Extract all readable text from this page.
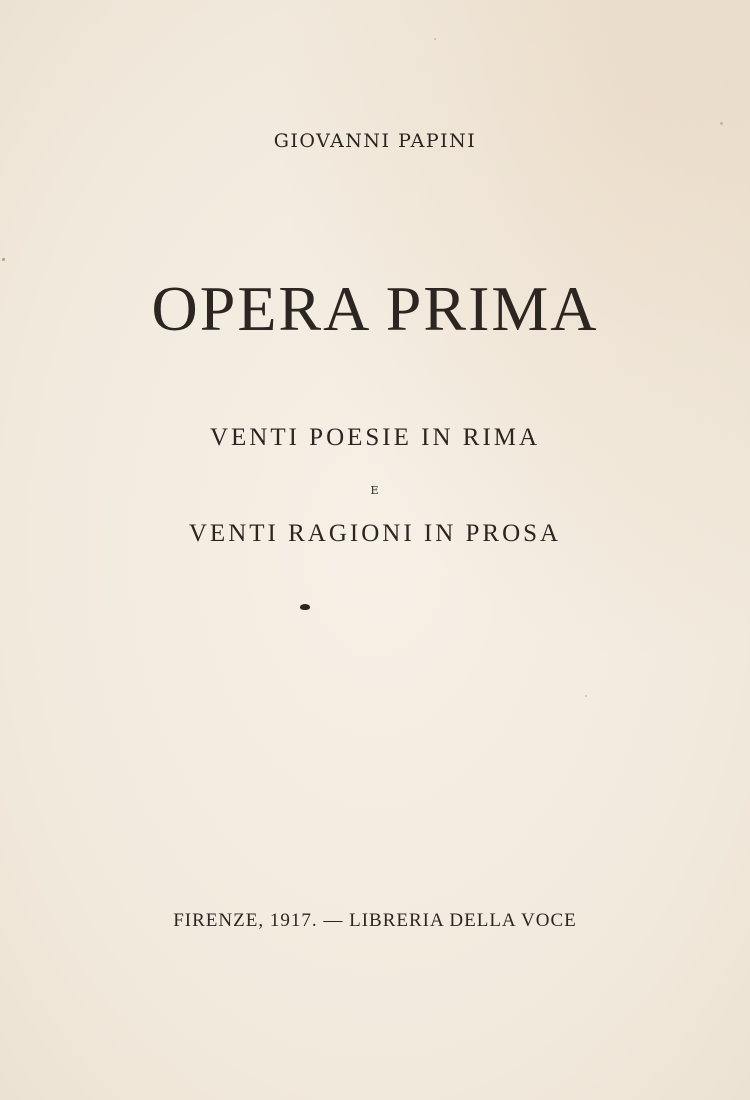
GIOVANNI PAPINI
OPERA PRIMA
VENTI POESIE IN RIMA
E
VENTI RAGIONI IN PROSA
FIRENZE, 1917. — LIBRERIA DELLA VOCE
